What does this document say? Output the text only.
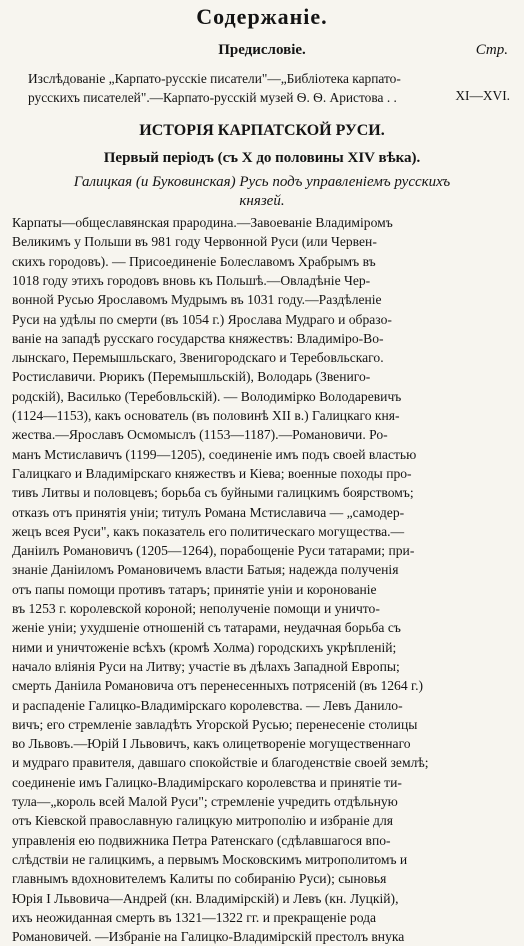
Содержаніе.
Стр.
Предисловіе.
Изслѣдованіе „Карпато-русскіе писатели"—„Библіотека карпато-
русскихъ писателей".—Карпато-русскій музей Ѳ. Ѳ. Аристова . .	XI—XVI.
ИСТОРІЯ КАРПАТСКОЙ РУСИ.
Первый періодъ (съ X до половины XIV вѣка).
Галицкая (и Буковинская) Русь подъ управленіемъ русскихъ
князей.
Карпаты—общеславянская прародина.—Завоеваніе Владиміромъ
Великимъ у Польши въ 981 году Червонной Руси (или Червен-
скихъ городовъ). — Присоединеніе Болеславомъ Храбрымъ въ
1018 году этихъ городовъ вновь къ Польшѣ.—Овладѣніе Чер-
вонной Русью Ярославомъ Мудрымъ въ 1031 году.—Раздѣленіе
Руси на удѣлы по смерти (въ 1054 г.) Ярослава Мудраго и образо-
ваніе на западѣ русскаго государства княжествъ: Владиміро-Во-
лынскаго, Перемышльскаго, Звенигородскаго и Теребовльскаго.
Ростиславичи. Рюрикъ (Перемышльскій), Володарь (Звениго-
родскій), Василько (Теребовльскій). — Володимірко Володаревичъ
(1124—1153), какъ основатель (въ половинѣ XII в.) Галицкаго кня-
жества.—Ярославъ Осмомыслъ (1153—1187).—Романовичи. Ро-
манъ Мстиславичъ (1199—1205), соединеніе имъ подъ своей властью
Галицкаго и Владимірскаго княжествъ и Кіева; военные походы про-
тивъ Литвы и половцевъ; борьба съ буйными галицкимъ боярствомъ;
отказъ отъ принятія уніи; титулъ Романа Мстиславича — „самодер-
жецъ всея Руси", какъ показатель его политическаго могущества.—
Даніилъ Романовичъ (1205—1264), порабощеніе Руси татарами; при-
знаніе Даніиломъ Романовичемъ власти Батыя; надежда полученія
отъ папы помощи противъ татаръ; принятіе уніи и коронованіе
въ 1253 г. королевской короной; неполученіе помощи и уничто-
женіе уніи; ухудшеніе отношеній съ татарами, неудачная борьба съ
ними и уничтоженіе всѣхъ (кромѣ Холма) городскихъ укрѣпленій;
начало вліянія Руси на Литву; участіе въ дѣлахъ Западной Европы;
смерть Даніила Романовича отъ перенесенныхъ потрясеній (въ 1264 г.)
и распаденіе Галицко-Владимірскаго королевства. — Левъ Данило-
вичъ; его стремленіе завладѣть Угорской Русью; перенесеніе столицы
во Львовъ.—Юрій I Львовичъ, какъ олицетвореніе могущественнаго
и мудраго правителя, давшаго спокойствіе и благоденствіе своей землѣ;
соединеніе имъ Галицко-Владимірскаго королевства и принятіе ти-
тула—„король всей Малой Руси"; стремленіе учредить отдѣльную
отъ Кіевской православную галицкую митрополію и избраніе для
управленія ею подвижника Петра Ратенскаго (сдѣлавшагося впо-
слѣдствіи не галицкимъ, а первымъ Московскимъ митрополитомъ и
главнымъ вдохновителемъ Калиты по собиранію Руси); сыновья
Юрія I Львовича—Андрей (кн. Владимірскій) и Левъ (кн. Луцкій),
ихъ неожиданная смерть въ 1321—1322 гг. и прекращеніе рода
Романовичей. —Избраніе на Галицко-Владимірскій престолъ внука
